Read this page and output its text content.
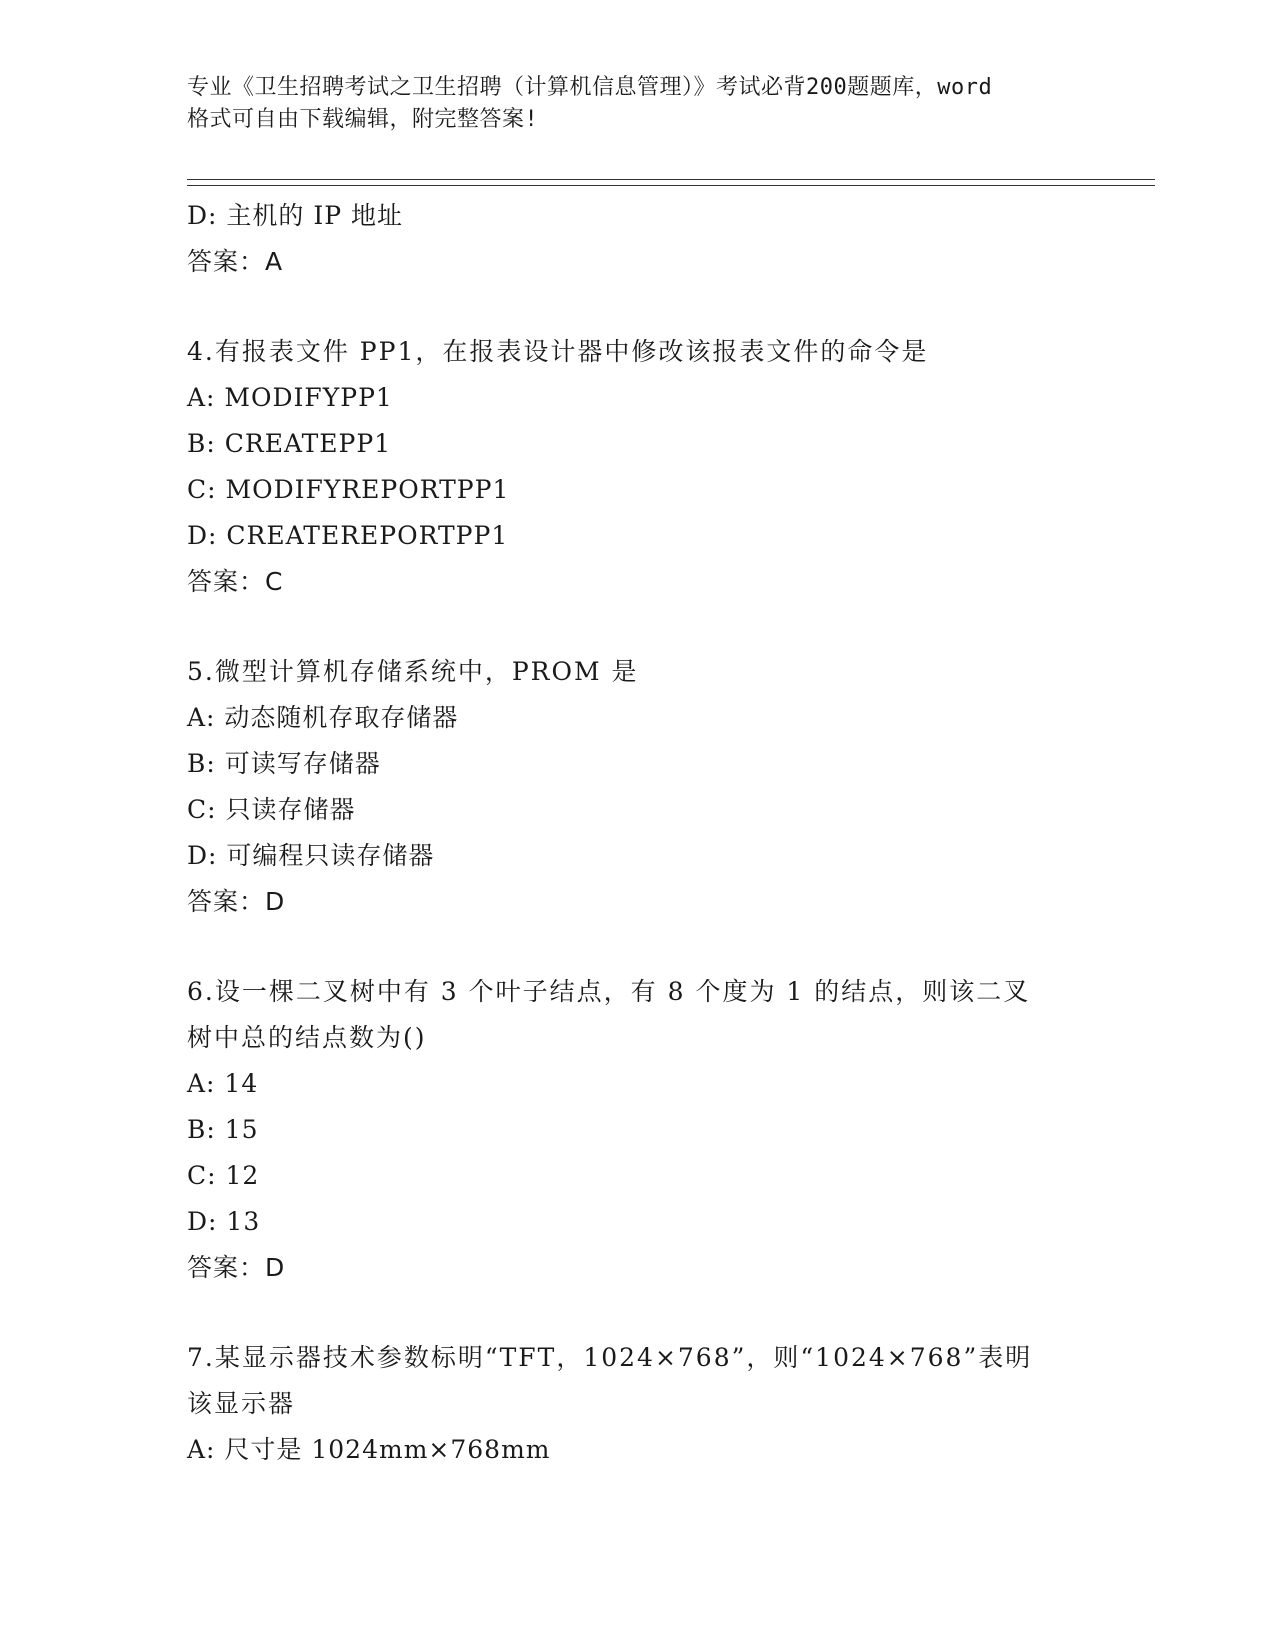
专业《卫生招聘考试之卫生招聘（计算机信息管理）》考试必背200题题库，word
格式可自由下载编辑，附完整答案!
D: 主机的 IP 地址
答案：A
4.有报表文件 PP1，在报表设计器中修改该报表文件的命令是
A: MODIFYPP1
B: CREATEPP1
C: MODIFYREPORTPP1
D: CREATEREPORTPP1
答案：C
5.微型计算机存储系统中，PROM 是
A: 动态随机存取存储器
B: 可读写存储器
C: 只读存储器
D: 可编程只读存储器
答案：D
6.设一棵二叉树中有 3 个叶子结点，有 8 个度为 1 的结点，则该二叉
树中总的结点数为()
A: 14
B: 15
C: 12
D: 13
答案：D
7.某显示器技术参数标明“TFT，1024×768”，则“1024×768”表明
该显示器
A: 尺寸是 1024mm×768mm
